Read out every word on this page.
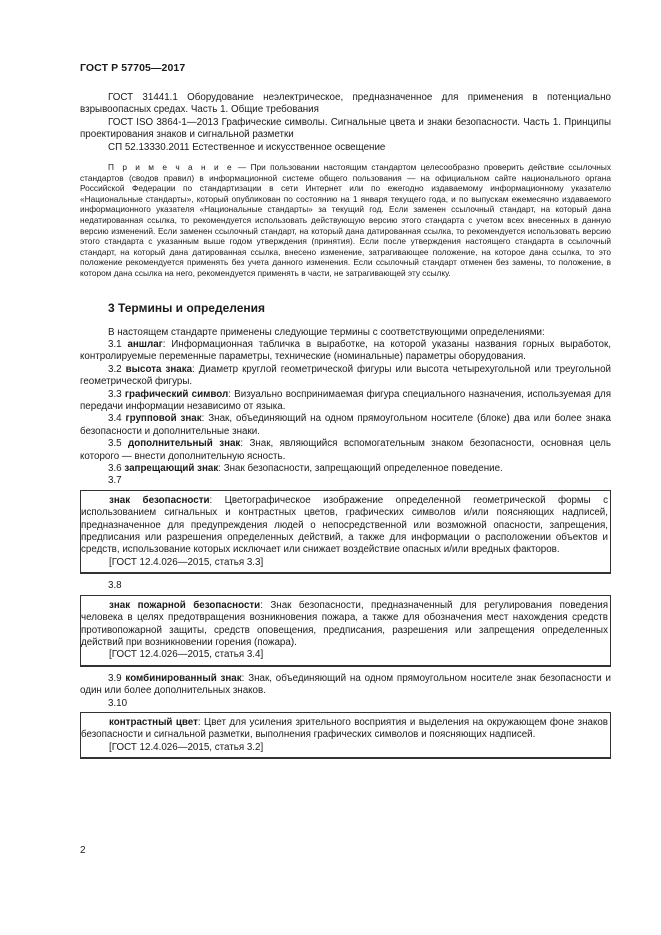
ГОСТ Р 57705—2017

ГОСТ 31441.1 Оборудование неэлектрическое, предназначенное для применения в потенциально взрывоопасных средах. Часть 1. Общие требования

ГОСТ ISO 3864-1—2013 Графические символы. Сигнальные цвета и знаки безопасности. Часть 1. Принципы проектирования знаков и сигнальной разметки

СП 52.13330.2011 Естественное и искусственное освещение

П р и м е ч а н и е — При пользовании настоящим стандартом целесообразно проверить действие ссылочных стандартов (сводов правил) в информационной системе общего пользования — на официальном сайте национального органа Российской Федерации по стандартизации в сети Интернет или по ежегодно издаваемому информационному указателю «Национальные стандарты», который опубликован по состоянию на 1 января текущего года, и по выпускам ежемесячно издаваемого информационного указателя «Национальные стандарты» за текущий год. Если заменен ссылочный стандарт, на который дана недатированная ссылка, то рекомендуется использовать действующую версию этого стандарта с учетом всех внесенных в данную версию изменений. Если заменен ссылочный стандарт, на который дана датированная ссылка, то рекомендуется использовать версию этого стандарта с указанным выше годом утверждения (принятия). Если после утверждения настоящего стандарта в ссылочный стандарт, на который дана датированная ссылка, внесено изменение, затрагивающее положение, на которое дана ссылка, то это положение рекомендуется применять без учета данного изменения. Если ссылочный стандарт отменен без замены, то положение, в котором дана ссылка на него, рекомендуется применять в части, не затрагивающей эту ссылку.

3 Термины и определения

В настоящем стандарте применены следующие термины с соответствующими определениями:

3.1 аншлаг: Информационная табличка в выработке, на которой указаны названия горных выработок, контролируемые переменные параметры, технические (номинальные) параметры оборудования.

3.2 высота знака: Диаметр круглой геометрической фигуры или высота четырехугольной или треугольной геометрической фигуры.

3.3 графический символ: Визуально воспринимаемая фигура специального назначения, используемая для передачи информации независимо от языка.

3.4 групповой знак: Знак, объединяющий на одном прямоугольном носителе (блоке) два или более знака безопасности и дополнительные знаки.

3.5 дополнительный знак: Знак, являющийся вспомогательным знаком безопасности, основная цель которого — внести дополнительную ясность.

3.6 запрещающий знак: Знак безопасности, запрещающий определенное поведение.

3.7

знак безопасности: Цветографическое изображение определенной геометрической формы с использованием сигнальных и контрастных цветов, графических символов и/или поясняющих надписей, предназначенное для предупреждения людей о непосредственной или возможной опасности, запрещения, предписания или разрешения определенных действий, а также для информации о расположении объектов и средств, использование которых исключает или снижает воздействие опасных и/или вредных факторов.

[ГОСТ 12.4.026—2015, статья 3.3]

3.8

знак пожарной безопасности: Знак безопасности, предназначенный для регулирования поведения человека в целях предотвращения возникновения пожара, а также для обозначения мест нахождения средств противопожарной защиты, средств оповещения, предписания, разрешения или запрещения определенных действий при возникновении горения (пожара).

[ГОСТ 12.4.026—2015, статья 3.4]

3.9 комбинированный знак: Знак, объединяющий на одном прямоугольном носителе знак безопасности и один или более дополнительных знаков.

3.10

контрастный цвет: Цвет для усиления зрительного восприятия и выделения на окружающем фоне знаков безопасности и сигнальной разметки, выполнения графических символов и поясняющих надписей.

[ГОСТ 12.4.026—2015, статья 3.2]

2
